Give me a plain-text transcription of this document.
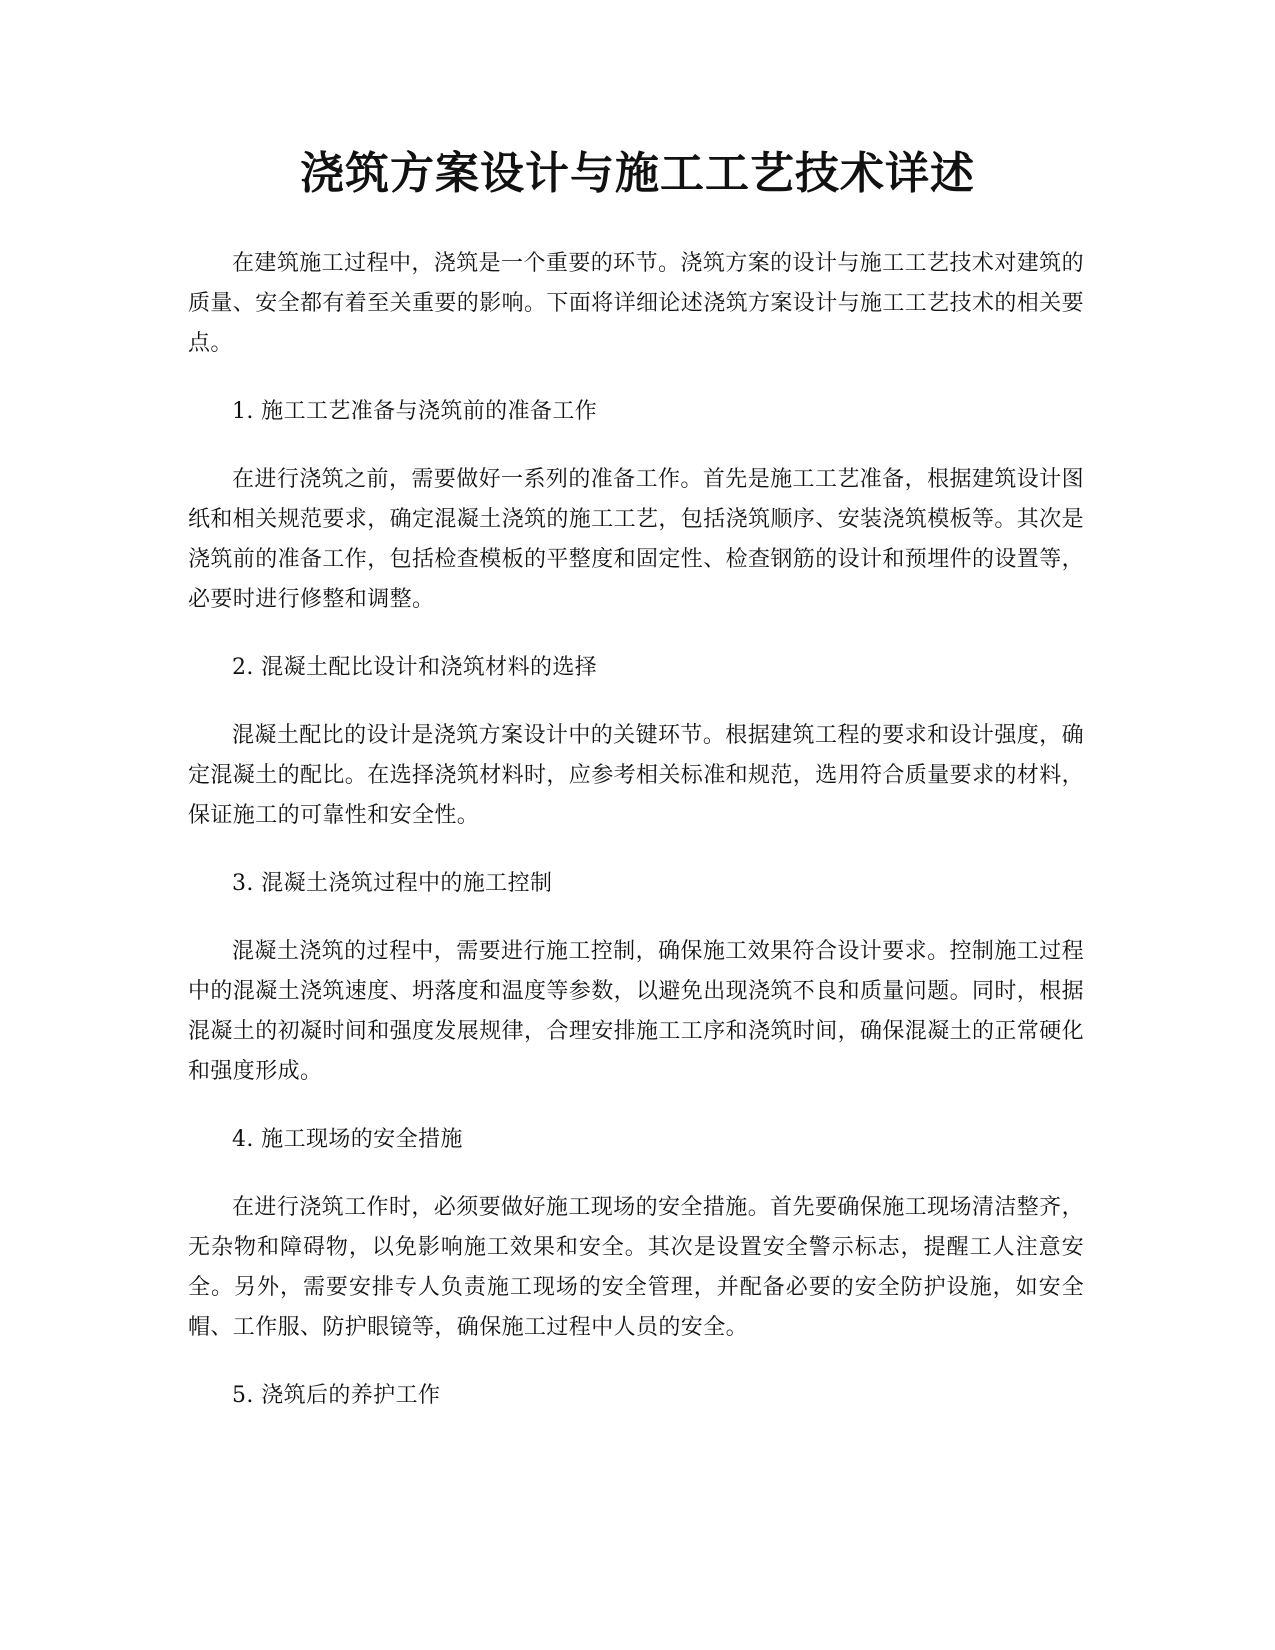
浇筑方案设计与施工工艺技术详述

在建筑施工过程中，浇筑是一个重要的环节。浇筑方案的设计与施工工艺技术对建筑的质量、安全都有着至关重要的影响。下面将详细论述浇筑方案设计与施工工艺技术的相关要点。

1. 施工工艺准备与浇筑前的准备工作

在进行浇筑之前，需要做好一系列的准备工作。首先是施工工艺准备，根据建筑设计图纸和相关规范要求，确定混凝土浇筑的施工工艺，包括浇筑顺序、安装浇筑模板等。其次是浇筑前的准备工作，包括检查模板的平整度和固定性、检查钢筋的设计和预埋件的设置等，必要时进行修整和调整。

2. 混凝土配比设计和浇筑材料的选择

混凝土配比的设计是浇筑方案设计中的关键环节。根据建筑工程的要求和设计强度，确定混凝土的配比。在选择浇筑材料时，应参考相关标准和规范，选用符合质量要求的材料，保证施工的可靠性和安全性。

3. 混凝土浇筑过程中的施工控制

混凝土浇筑的过程中，需要进行施工控制，确保施工效果符合设计要求。控制施工过程中的混凝土浇筑速度、坍落度和温度等参数，以避免出现浇筑不良和质量问题。同时，根据混凝土的初凝时间和强度发展规律，合理安排施工工序和浇筑时间，确保混凝土的正常硬化和强度形成。

4. 施工现场的安全措施

在进行浇筑工作时，必须要做好施工现场的安全措施。首先要确保施工现场清洁整齐，无杂物和障碍物，以免影响施工效果和安全。其次是设置安全警示标志，提醒工人注意安全。另外，需要安排专人负责施工现场的安全管理，并配备必要的安全防护设施，如安全帽、工作服、防护眼镜等，确保施工过程中人员的安全。

5. 浇筑后的养护工作
